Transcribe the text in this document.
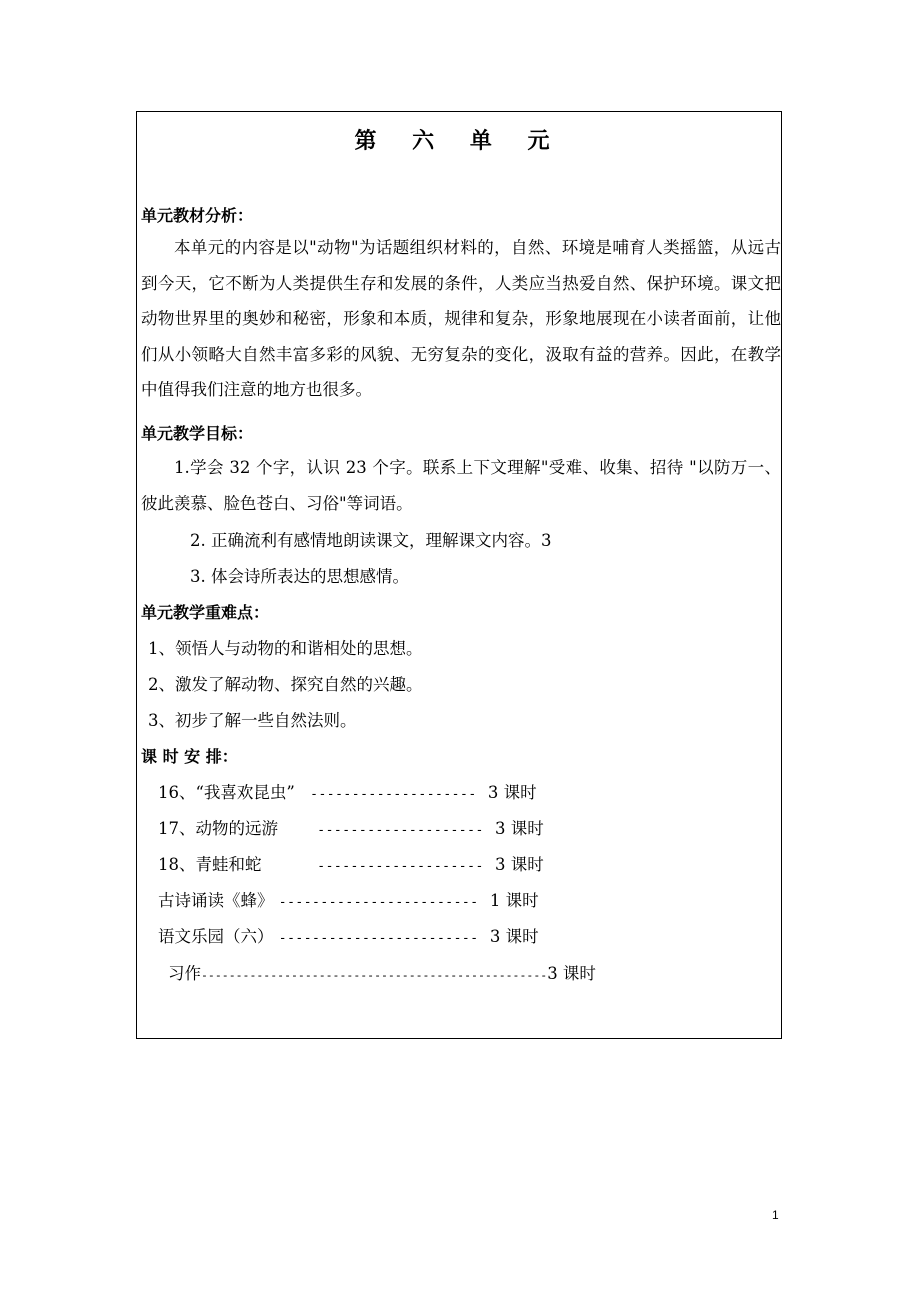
第 六 单 元
单元教材分析：
本单元的内容是以"动物"为话题组织材料的，自然、环境是哺育人类摇篮，从远古到今天，它不断为人类提供生存和发展的条件，人类应当热爱自然、保护环境。课文把动物世界里的奥妙和秘密，形象和本质，规律和复杂，形象地展现在小读者面前，让他们从小领略大自然丰富多彩的风貌、无穷复杂的变化，汲取有益的营养。因此，在教学中值得我们注意的地方也很多。
单元教学目标：
1.学会 32 个字，认识 23 个字。联系上下文理解"受难、收集、招待 "以防万一、彼此羡慕、脸色苍白、习俗"等词语。
2. 正确流利有感情地朗读课文，理解课文内容。3
3. 体会诗所表达的思想感情。
单元教学重难点：
1、领悟人与动物的和谐相处的思想。
2、激发了解动物、探究自然的兴趣。
3、初步了解一些自然法则。
课 时 安 排：
16、“我喜欢昆虫” -------------------- 3 课时
17、动物的远游	-------------------- 3 课时
18、青蛙和蛇	-------------------- 3 课时
古诗诵读《蜂》 ------------------------ 1 课时
语文乐园（六） ------------------------ 3 课时
习作--------------------------------------------------3 课时
1
